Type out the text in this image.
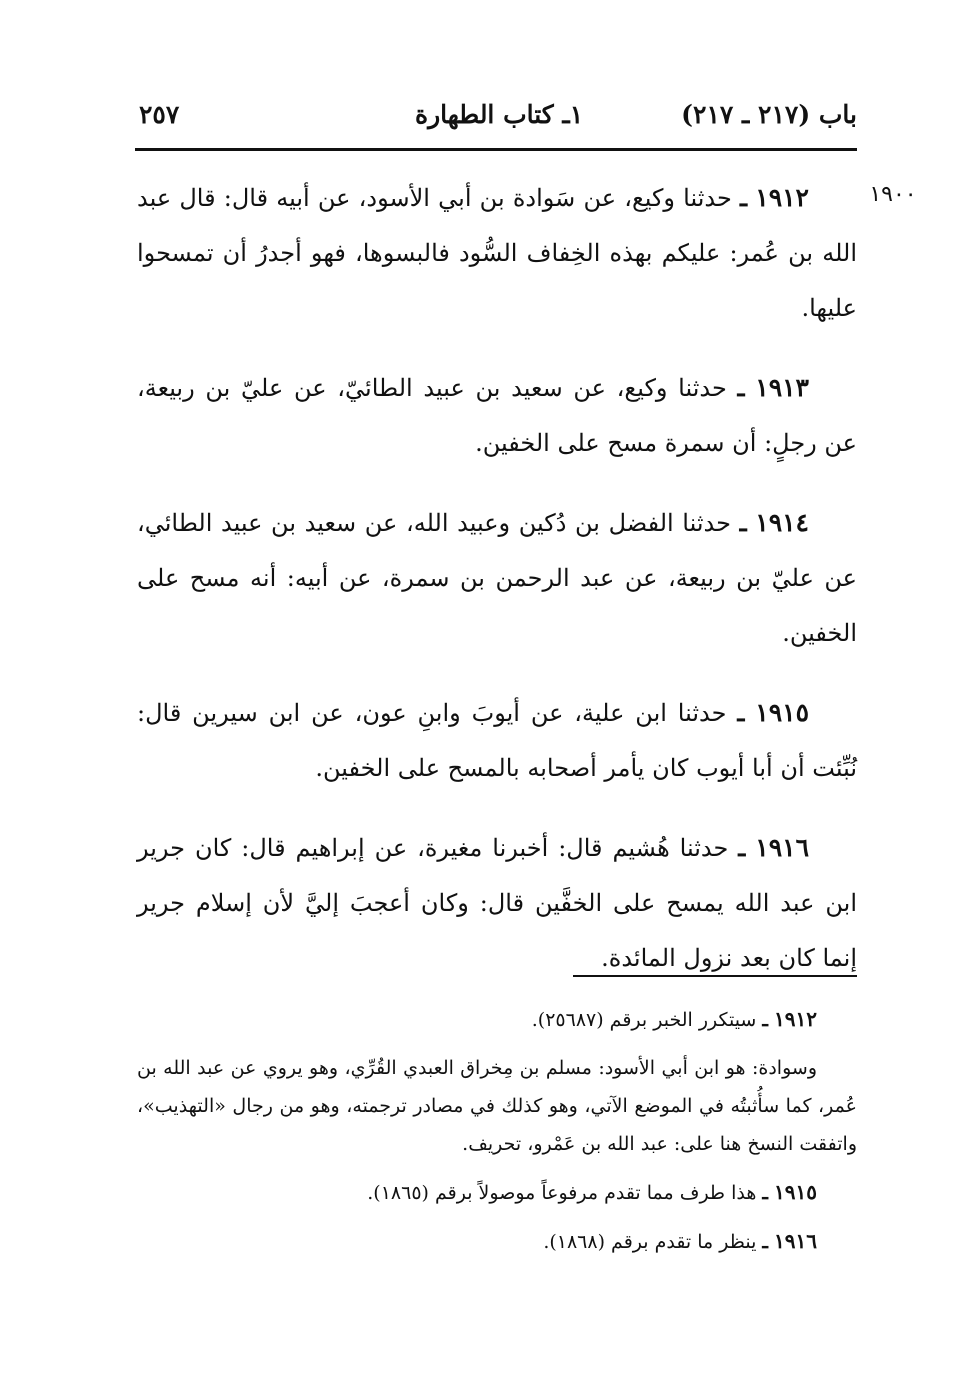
باب (٢١٧ ـ ٢١٧)
١ـ كتاب الطهارة
٢٥٧
١٩٠٠

١٩١٢ ـ حدثنا وكيع، عن سَوادة بن أبي الأسود، عن أبيه قال: قال عبد الله بن عُمر: عليكم بهذه الخِفاف السُّود فالبسوها، فهو أجدرُ أن تمسحوا عليها.

١٩١٣ ـ حدثنا وكيع، عن سعيد بن عبيد الطائيّ، عن عليّ بن ربيعة، عن رجلٍ: أن سمرة مسح على الخفين.

١٩١٤ ـ حدثنا الفضل بن دُكين وعبيد الله، عن سعيد بن عبيد الطائي، عن عليّ بن ربيعة، عن عبد الرحمن بن سمرة، عن أبيه: أنه مسح على الخفين.

١٩١٥ ـ حدثنا ابن علية، عن أيوبَ وابنِ عون، عن ابن سيرين قال: نُبِّئت أن أبا أيوب كان يأمر أصحابه بالمسح على الخفين.

١٩١٦ ـ حدثنا هُشيم قال: أخبرنا مغيرة، عن إبراهيم قال: كان جرير ابن عبد الله يمسح على الخفَّين قال: وكان أعجبَ إليَّ لأن إسلام جرير إنما كان بعد نزول المائدة.

١٩١٢ ـ سيتكرر الخبر برقم (٢٥٦٨٧).

وسوادة: هو ابن أبي الأسود: مسلم بن مِخراق العبدي القُرِّي، وهو يروي عن عبد الله بن عُمر، كما سأُثبتُه في الموضع الآتي، وهو كذلك في مصادر ترجمته، وهو من رجال «التهذيب»، واتفقت النسخ هنا على: عبد الله بن عَمْرو، تحريف.

١٩١٥ ـ هذا طرف مما تقدم مرفوعاً موصولاً برقم (١٨٦٥).

١٩١٦ ـ ينظر ما تقدم برقم (١٨٦٨).
